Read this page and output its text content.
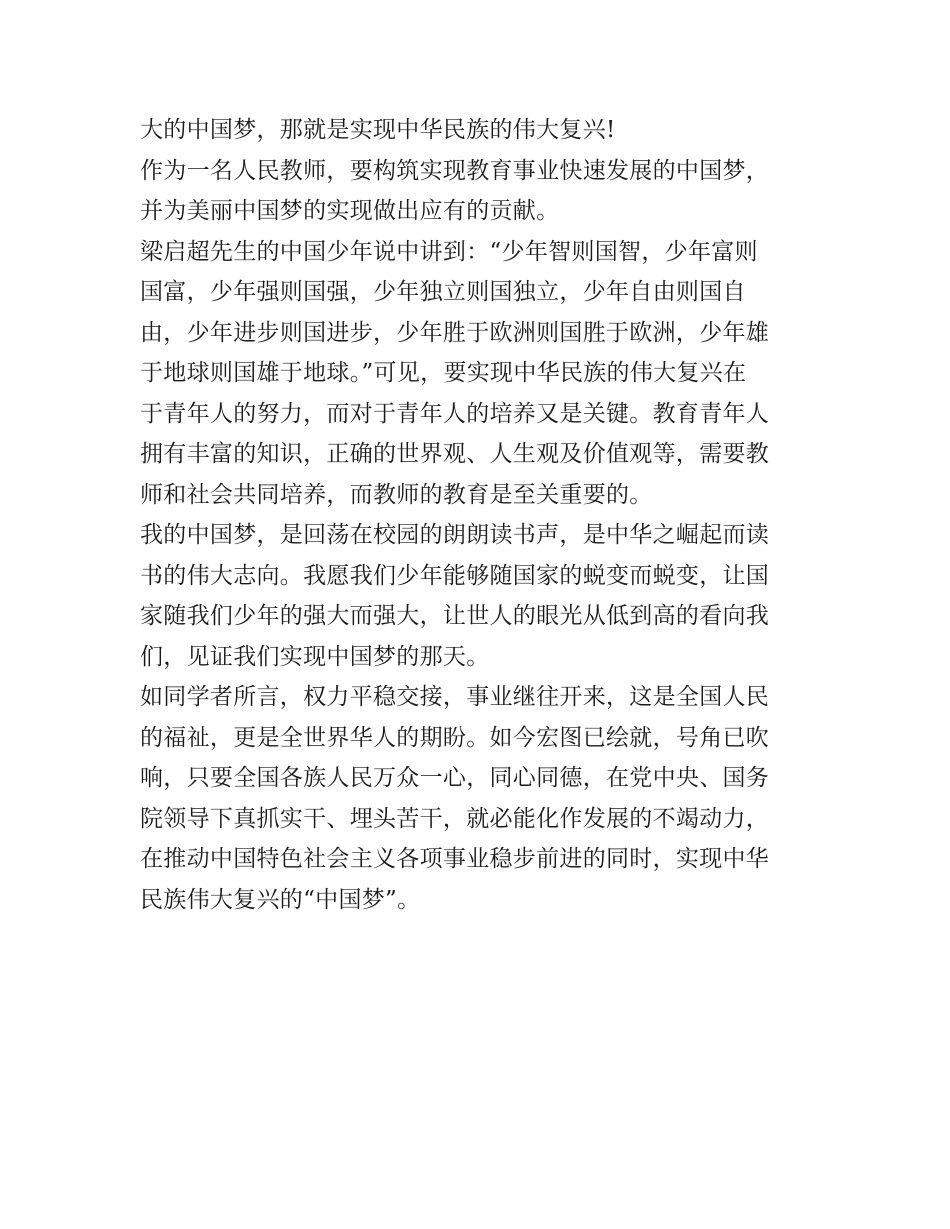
大的中国梦，那就是实现中华民族的伟大复兴!
作为一名人民教师，要构筑实现教育事业快速发展的中国梦，
并为美丽中国梦的实现做出应有的贡献。
梁启超先生的中国少年说中讲到：“少年智则国智，少年富则
国富，少年强则国强，少年独立则国独立，少年自由则国自
由，少年进步则国进步，少年胜于欧洲则国胜于欧洲，少年雄
于地球则国雄于地球。”可见，要实现中华民族的伟大复兴在
于青年人的努力，而对于青年人的培养又是关键。教育青年人
拥有丰富的知识，正确的世界观、人生观及价值观等，需要教
师和社会共同培养，而教师的教育是至关重要的。
我的中国梦，是回荡在校园的朗朗读书声，是中华之崛起而读
书的伟大志向。我愿我们少年能够随国家的蜕变而蜕变，让国
家随我们少年的强大而强大，让世人的眼光从低到高的看向我
们，见证我们实现中国梦的那天。
如同学者所言，权力平稳交接，事业继往开来，这是全国人民
的福祉，更是全世界华人的期盼。如今宏图已绘就，号角已吹
响，只要全国各族人民万众一心，同心同德，在党中央、国务
院领导下真抓实干、埋头苦干，就必能化作发展的不竭动力，
在推动中国特色社会主义各项事业稳步前进的同时，实现中华
民族伟大复兴的“中国梦”。
